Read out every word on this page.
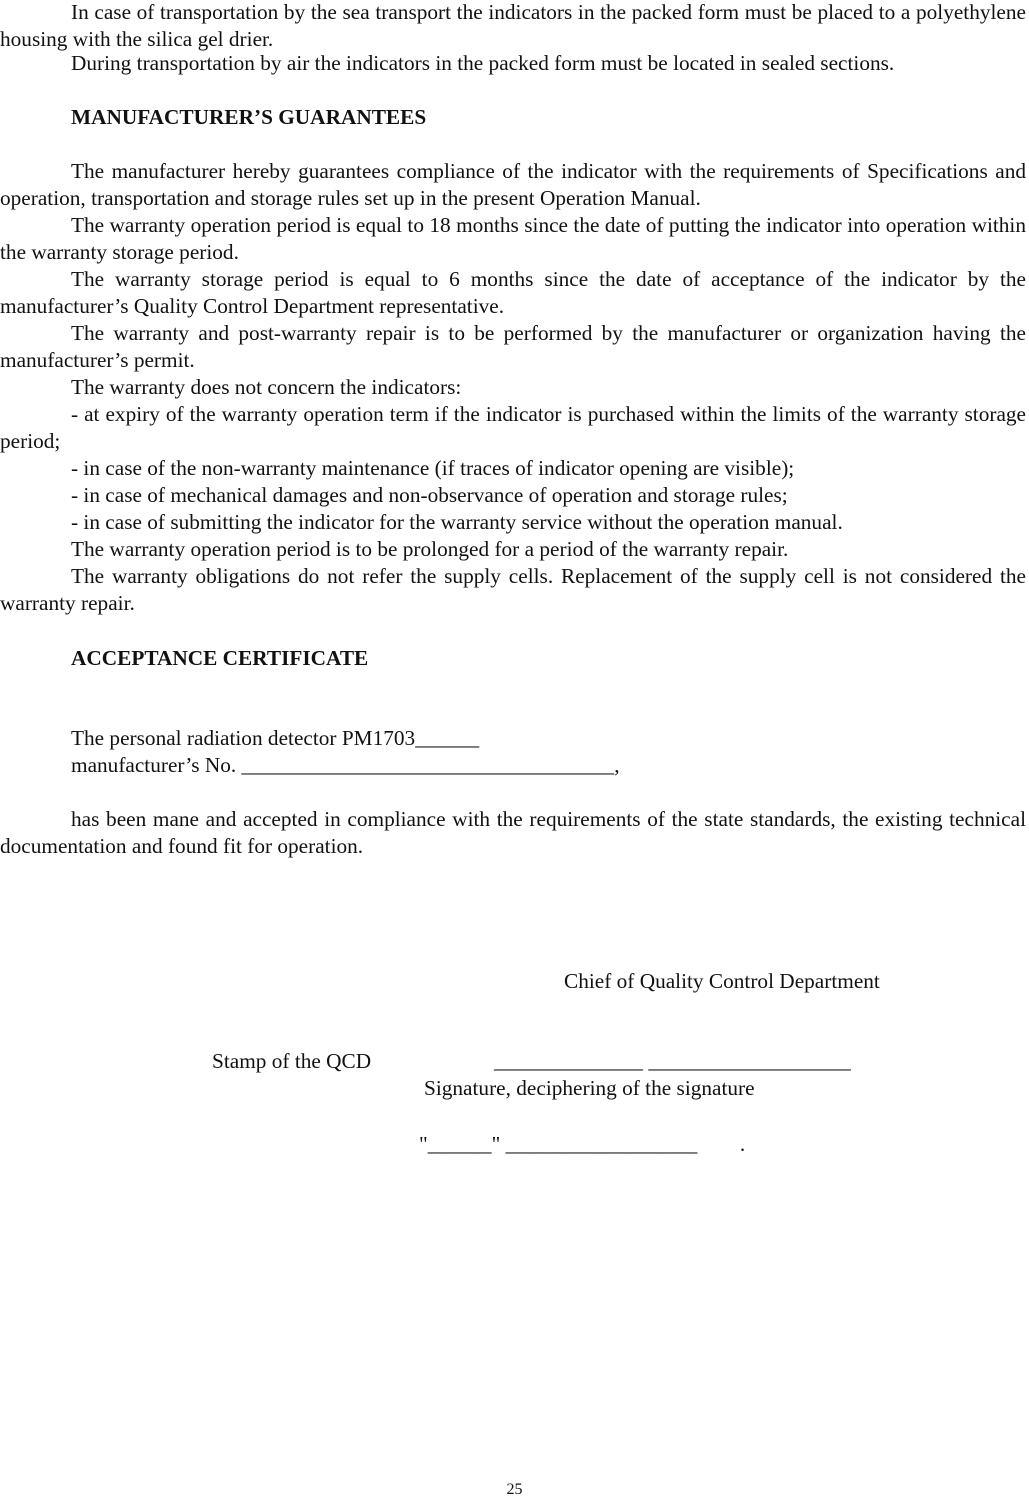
In case of transportation by the sea transport the indicators in the packed form must be placed to a polyethylene housing with the silica gel drier.

During transportation by air the indicators in the packed form must be located in sealed sections.

MANUFACTURER’S GUARANTEES

The manufacturer hereby guarantees compliance of the indicator with the requirements of Specifications and operation, transportation and storage rules set up in the present Operation Manual.

The warranty operation period is equal to 18 months since the date of putting the indicator into operation within the warranty storage period.

The warranty storage period is equal to 6 months since the date of acceptance of the indicator by the manufacturer’s Quality Control Department representative.

The warranty and post-warranty repair is to be performed by the manufacturer or organization having the manufacturer’s permit.

The warranty does not concern the indicators:

- at expiry of the warranty operation term if the indicator is purchased within the limits of the warranty storage period;

- in case of the non-warranty maintenance (if traces of indicator opening are visible);

- in case of mechanical damages and non-observance of operation and storage rules;

- in case of submitting the indicator for the warranty service without the operation manual.

The warranty operation period is to be prolonged for a period of the warranty repair.

The warranty obligations do not refer the supply cells. Replacement of the supply cell is not considered the warranty repair.

ACCEPTANCE CERTIFICATE

The personal radiation detector PM1703______

manufacturer’s No. ___________________________________,

has been mane and accepted in compliance with the requirements of the state standards, the existing technical documentation and found fit for operation.

Chief of Quality Control Department

Stamp of the QCD	______________ ___________________

Signature, deciphering of the signature

"______" __________________        .

25
